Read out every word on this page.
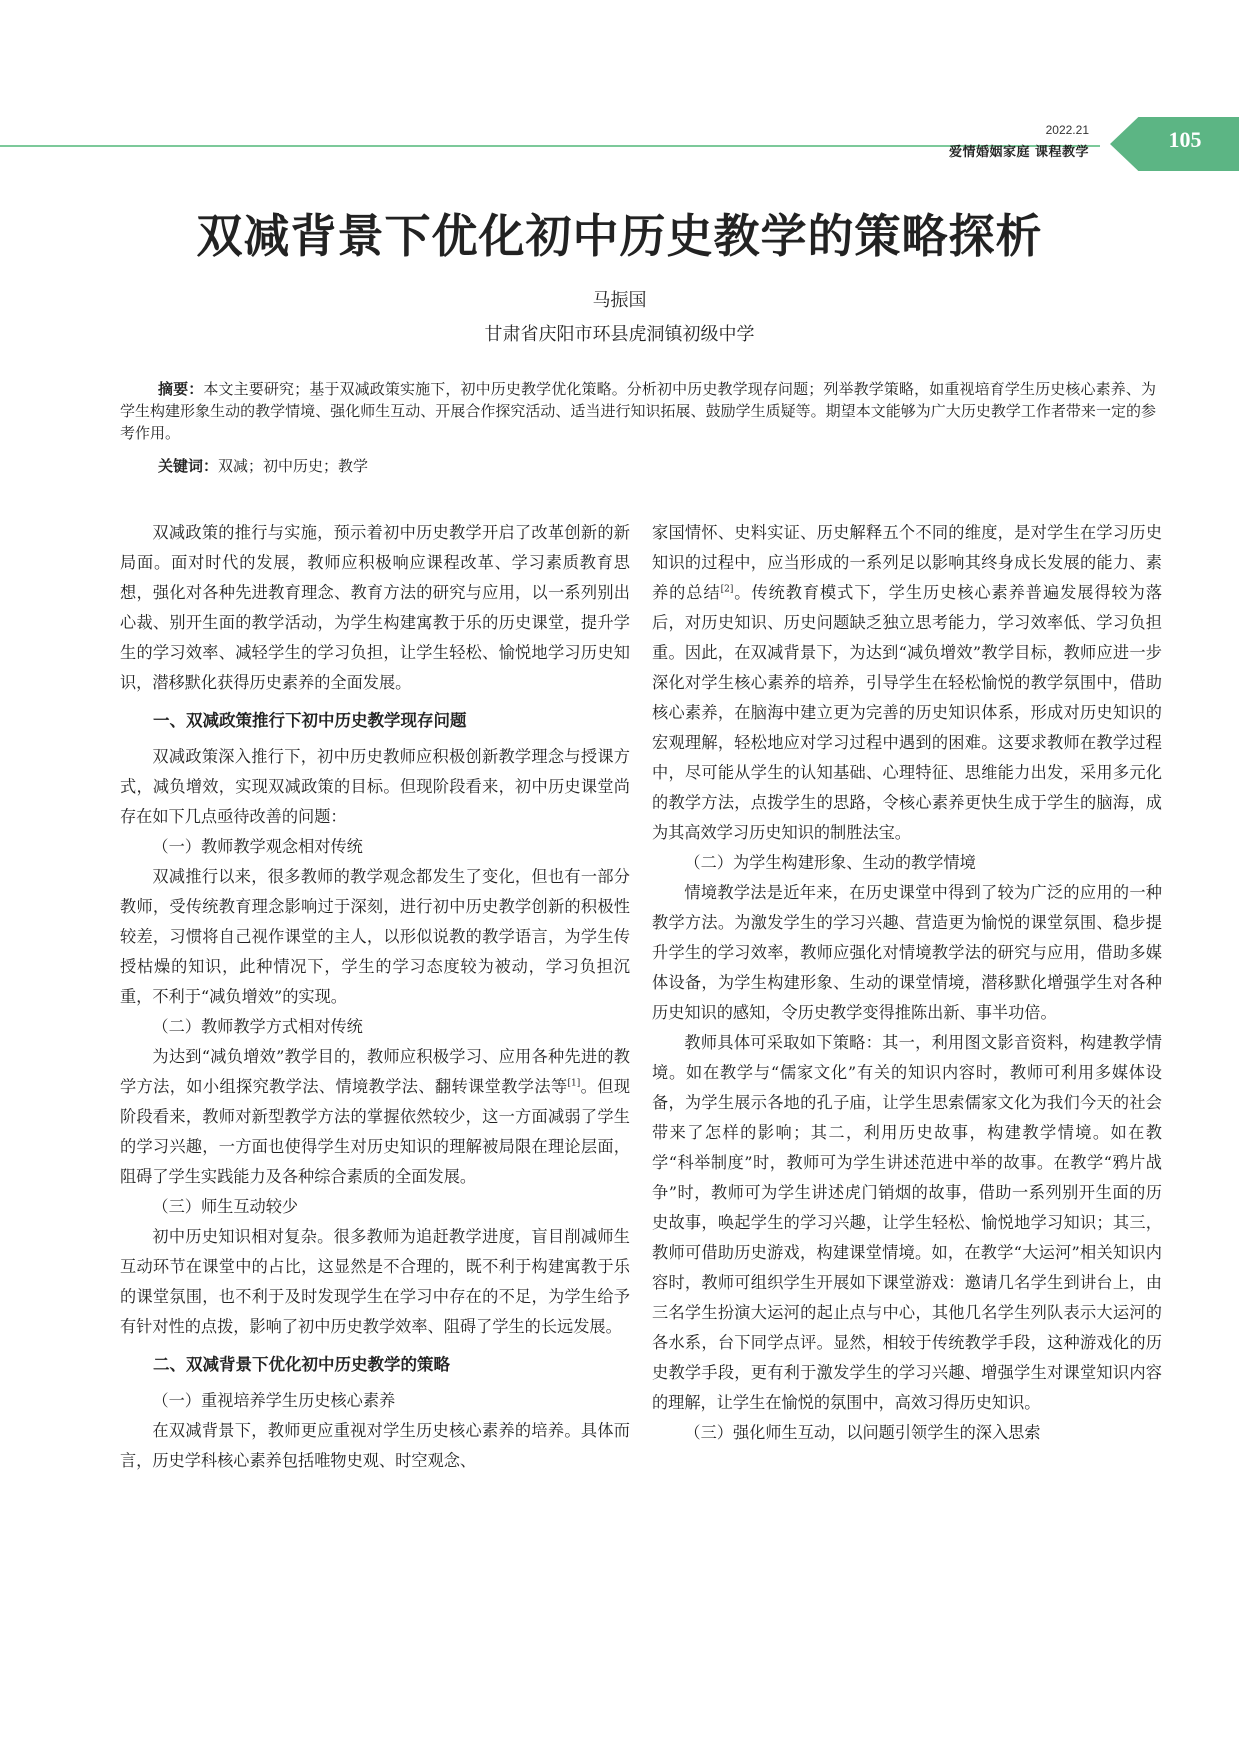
2022.21
爱情婚姻家庭 课程教学
105
双减背景下优化初中历史教学的策略探析
马振国
甘肃省庆阳市环县虎洞镇初级中学
摘要：本文主要研究；基于双减政策实施下，初中历史教学优化策略。分析初中历史教学现存问题；列举教学策略，如重视培育学生历史核心素养、为学生构建形象生动的教学情境、强化师生互动、开展合作探究活动、适当进行知识拓展、鼓励学生质疑等。期望本文能够为广大历史教学工作者带来一定的参考作用。
关键词：双减；初中历史；教学

双减政策的推行与实施，预示着初中历史教学开启了改革创新的新局面。面对时代的发展，教师应积极响应课程改革、学习素质教育思想，强化对各种先进教育理念、教育方法的研究与应用，以一系列别出心裁、别开生面的教学活动，为学生构建寓教于乐的历史课堂，提升学生的学习效率、减轻学生的学习负担，让学生轻松、愉悦地学习历史知识，潜移默化获得历史素养的全面发展。

一、双减政策推行下初中历史教学现存问题

双减政策深入推行下，初中历史教师应积极创新教学理念与授课方式，减负增效，实现双减政策的目标。但现阶段看来，初中历史课堂尚存在如下几点亟待改善的问题：

（一）教师教学观念相对传统

双减推行以来，很多教师的教学观念都发生了变化，但也有一部分教师，受传统教育理念影响过于深刻，进行初中历史教学创新的积极性较差，习惯将自己视作课堂的主人，以形似说教的教学语言，为学生传授枯燥的知识，此种情况下，学生的学习态度较为被动，学习负担沉重，不利于“减负增效”的实现。

（二）教师教学方式相对传统

为达到“减负增效”教学目的，教师应积极学习、应用各种先进的教学方法，如小组探究教学法、情境教学法、翻转课堂教学法等[1]。但现阶段看来，教师对新型教学方法的掌握依然较少，这一方面减弱了学生的学习兴趣，一方面也使得学生对历史知识的理解被局限在理论层面，阻碍了学生实践能力及各种综合素质的全面发展。

（三）师生互动较少

初中历史知识相对复杂。很多教师为追赶教学进度，盲目削减师生互动环节在课堂中的占比，这显然是不合理的，既不利于构建寓教于乐的课堂氛围，也不利于及时发现学生在学习中存在的不足，为学生给予有针对性的点拨，影响了初中历史教学效率、阻碍了学生的长远发展。

二、双减背景下优化初中历史教学的策略

（一）重视培养学生历史核心素养

在双减背景下，教师更应重视对学生历史核心素养的培养。具体而言，历史学科核心素养包括唯物史观、时空观念、

家国情怀、史料实证、历史解释五个不同的维度，是对学生在学习历史知识的过程中，应当形成的一系列足以影响其终身成长发展的能力、素养的总结[2]。传统教育模式下，学生历史核心素养普遍发展得较为落后，对历史知识、历史问题缺乏独立思考能力，学习效率低、学习负担重。因此，在双减背景下，为达到“减负增效”教学目标，教师应进一步深化对学生核心素养的培养，引导学生在轻松愉悦的教学氛围中，借助核心素养，在脑海中建立更为完善的历史知识体系，形成对历史知识的宏观理解，轻松地应对学习过程中遇到的困难。这要求教师在教学过程中，尽可能从学生的认知基础、心理特征、思维能力出发，采用多元化的教学方法，点拨学生的思路，令核心素养更快生成于学生的脑海，成为其高效学习历史知识的制胜法宝。

（二）为学生构建形象、生动的教学情境

情境教学法是近年来，在历史课堂中得到了较为广泛的应用的一种教学方法。为激发学生的学习兴趣、营造更为愉悦的课堂氛围、稳步提升学生的学习效率，教师应强化对情境教学法的研究与应用，借助多媒体设备，为学生构建形象、生动的课堂情境，潜移默化增强学生对各种历史知识的感知，令历史教学变得推陈出新、事半功倍。

教师具体可采取如下策略：其一，利用图文影音资料，构建教学情境。如在教学与“儒家文化”有关的知识内容时，教师可利用多媒体设备，为学生展示各地的孔子庙，让学生思索儒家文化为我们今天的社会带来了怎样的影响；其二，利用历史故事，构建教学情境。如在教学“科举制度”时，教师可为学生讲述范进中举的故事。在教学“鸦片战争”时，教师可为学生讲述虎门销烟的故事，借助一系列别开生面的历史故事，唤起学生的学习兴趣，让学生轻松、愉悦地学习知识；其三，教师可借助历史游戏，构建课堂情境。如，在教学“大运河”相关知识内容时，教师可组织学生开展如下课堂游戏：邀请几名学生到讲台上，由三名学生扮演大运河的起止点与中心，其他几名学生列队表示大运河的各水系，台下同学点评。显然，相较于传统教学手段，这种游戏化的历史教学手段，更有利于激发学生的学习兴趣、增强学生对课堂知识内容的理解，让学生在愉悦的氛围中，高效习得历史知识。

（三）强化师生互动，以问题引领学生的深入思索
